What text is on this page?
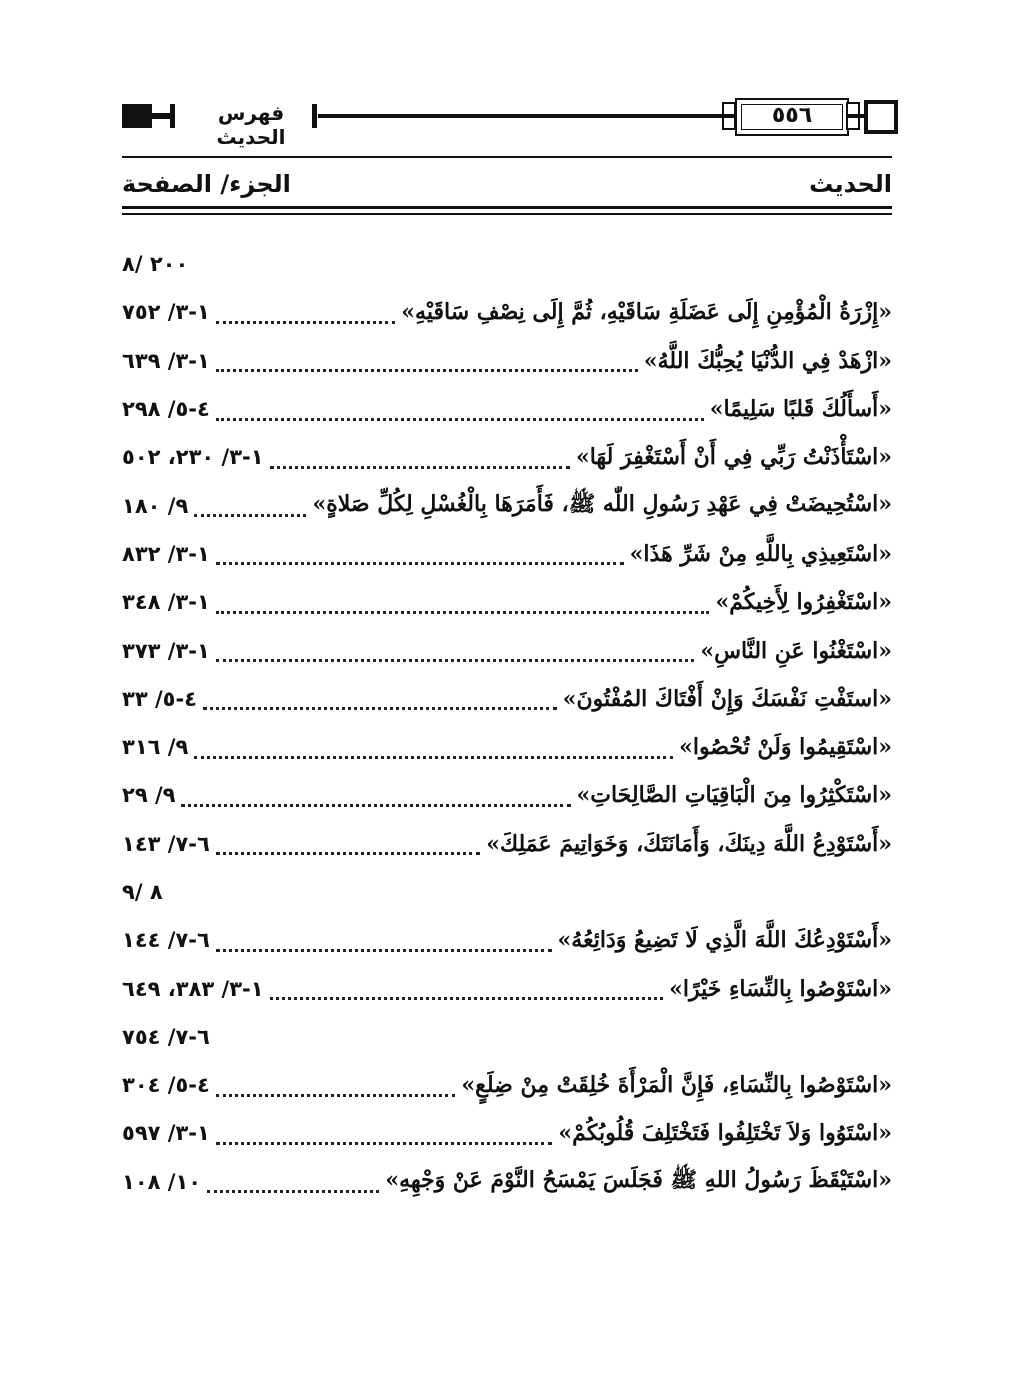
فهرس الحديث
٥٥٦
الحديث
الجزء/ الصفحة
٢٠٠ /٨
«إِزْرَةُ الْمُؤْمِنِ إِلَى عَضَلَةِ سَاقَيْهِ، ثُمَّ إِلَى نِصْفِ سَاقَيْهِ»
١-٣/ ٧٥٢
«ازْهَدْ فِي الدُّنْيَا يُحِبُّكَ اللَّهُ»
١-٣/ ٦٣٩
«أَسأَلُكَ قَلبًا سَلِيمًا»
٤-٥/ ٢٩٨
«اسْتَأْذَنْتُ رَبِّي فِي أَنْ أَسْتَغْفِرَ لَهَا»
١-٣/ ٢٣٠، ٥٠٢
«اسْتُحِيضَتْ فِي عَهْدِ رَسُولِ اللّٰه ﷺ، فَأَمَرَهَا بِالْغُسْلِ لِكُلِّ صَلاةٍ»
٩/ ١٨٠
«اسْتَعِيذِي بِاللَّهِ مِنْ شَرِّ هَذَا»
١-٣/ ٨٣٢
«اسْتَغْفِرُوا لِأَخِيكُمْ»
١-٣/ ٣٤٨
«اسْتَغْنُوا عَنِ النَّاسِ»
١-٣/ ٣٧٣
«استَفْتِ نَفْسَكَ وَإِنْ أَفْتَاكَ المُفْتُونَ»
٤-٥/ ٣٣
«اسْتَقِيمُوا وَلَنْ تُحْصُوا»
٩/ ٣١٦
«اسْتَكْثِرُوا مِنَ الْبَاقِيَاتِ الصَّالِحَاتِ»
٩/ ٢٩
«أَسْتَوْدِعُ اللَّهَ دِينَكَ، وَأَمَانَتَكَ، وَخَوَاتِيمَ عَمَلِكَ»
٦-٧/ ١٤٣
٨ /٩
«أَسْتَوْدِعُكَ اللَّهَ الَّذِي لَا تَضِيعُ وَدَائِعُهُ»
٦-٧/ ١٤٤
«اسْتَوْصُوا بِالنِّسَاءِ خَيْرًا»
١-٣/ ٣٨٣، ٦٤٩
٦-٧/ ٧٥٤
«اسْتَوْصُوا بِالنِّسَاءِ، فَإِنَّ الْمَرْأَةَ خُلِقَتْ مِنْ ضِلَعٍ»
٤-٥/ ٣٠٤
«اسْتَوُوا وَلاَ تَخْتَلِفُوا فَتَخْتَلِفَ قُلُوبُكُمْ»
١-٣/ ٥٩٧
«اسْتَيْقَظَ رَسُولُ اللهِ ﷺ فَجَلَسَ يَمْسَحُ النَّوْمَ عَنْ وَجْهِهِ»
١٠/ ١٠٨
